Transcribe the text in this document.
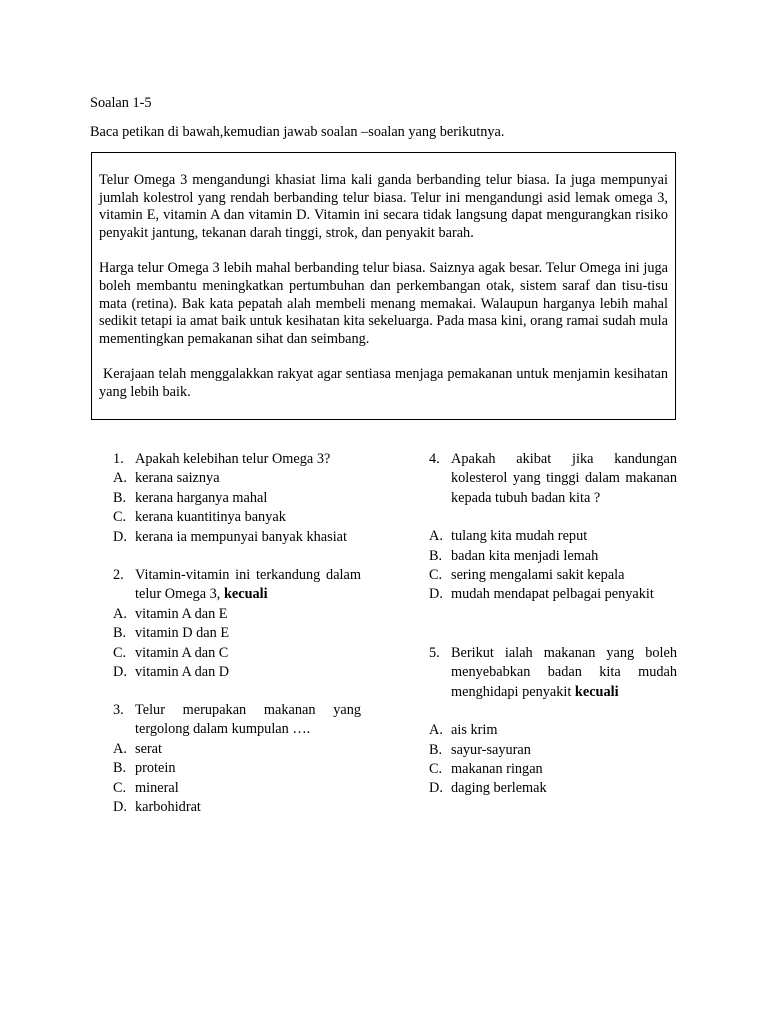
Soalan 1-5
Baca petikan di bawah,kemudian jawab soalan –soalan yang berikutnya.

Telur Omega 3 mengandungi khasiat lima kali ganda berbanding telur biasa. Ia juga mempunyai jumlah kolestrol yang rendah berbanding telur biasa. Telur ini mengandungi asid lemak omega 3, vitamin E, vitamin A dan vitamin D. Vitamin ini secara tidak langsung dapat mengurangkan risiko penyakit jantung, tekanan darah tinggi, strok, dan penyakit barah.

Harga telur Omega 3 lebih mahal berbanding telur biasa. Saiznya agak besar. Telur Omega ini juga boleh membantu meningkatkan pertumbuhan dan perkembangan otak, sistem saraf dan tisu-tisu mata (retina). Bak kata pepatah alah membeli menang memakai. Walaupun harganya lebih mahal sedikit tetapi ia amat baik untuk kesihatan kita sekeluarga. Pada masa kini, orang ramai sudah mula mementingkan pemakanan sihat dan seimbang.

Kerajaan telah menggalakkan rakyat agar sentiasa menjaga pemakanan untuk menjamin kesihatan yang lebih baik.

1. Apakah kelebihan telur Omega 3?
A. kerana saiznya
B. kerana harganya mahal
C. kerana kuantitinya banyak
D. kerana ia mempunyai banyak khasiat
2. Vitamin-vitamin ini terkandung dalam telur Omega 3, kecuali
A. vitamin A dan E
B. vitamin D dan E
C. vitamin A dan C
D. vitamin A dan D
3. Telur merupakan makanan yang tergolong dalam kumpulan ….
A. serat
B. protein
C. mineral
D. karbohidrat
4. Apakah akibat jika kandungan kolesterol yang tinggi dalam makanan kepada tubuh badan kita ?
A. tulang kita mudah reput
B. badan kita menjadi lemah
C. sering mengalami sakit kepala
D. mudah mendapat pelbagai penyakit
5. Berikut ialah makanan yang boleh menyebabkan badan kita mudah menghidapi penyakit kecuali
A. ais krim
B. sayur-sayuran
C. makanan ringan
D. daging berlemak
